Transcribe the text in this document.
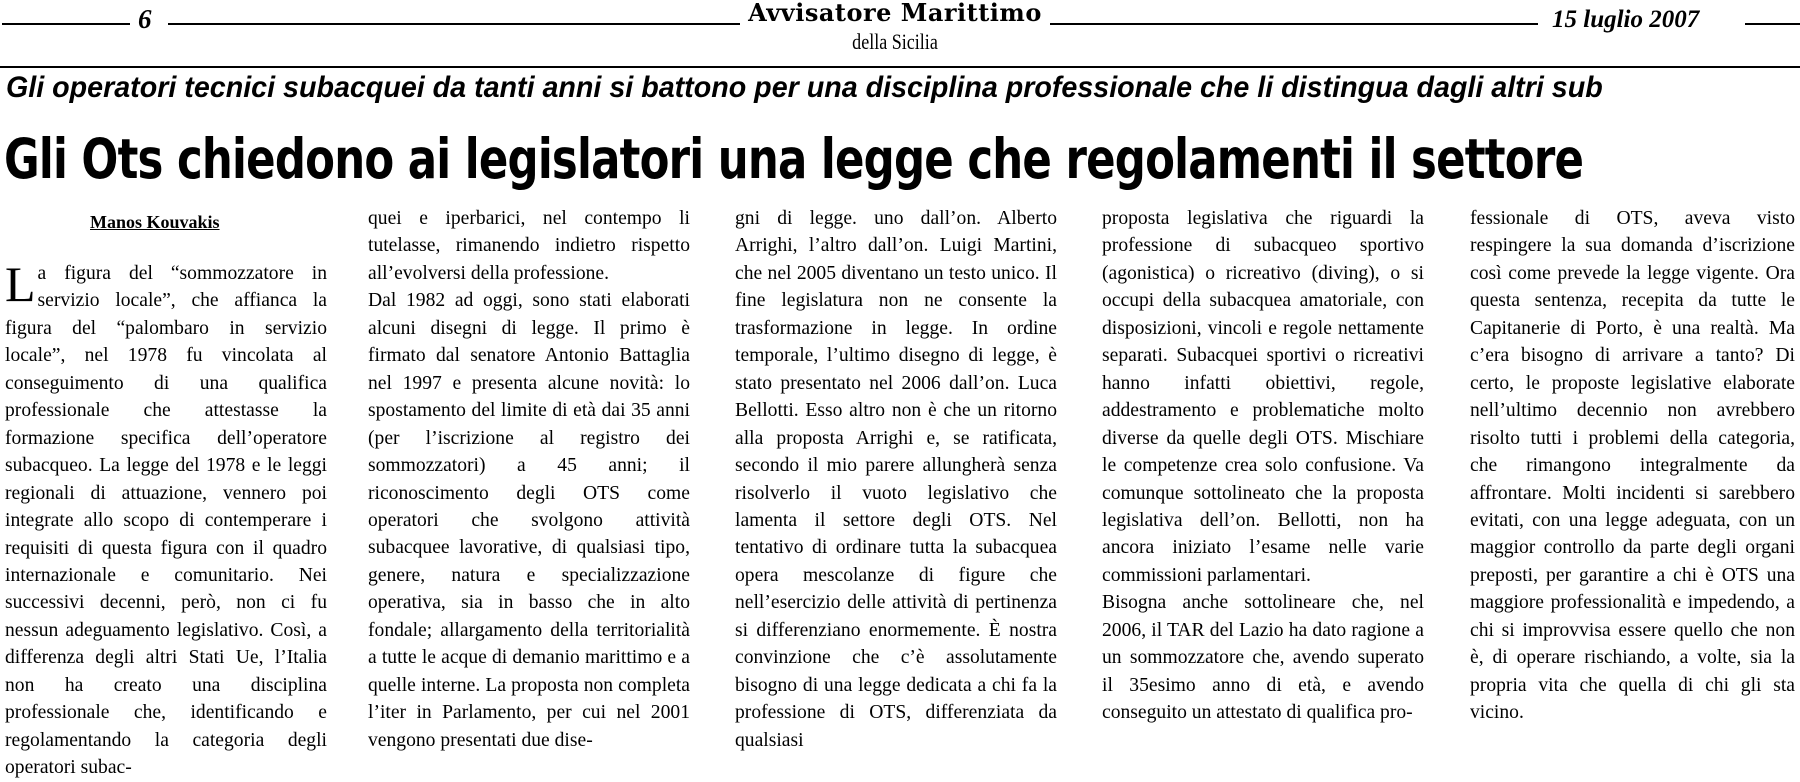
6	Avvisatore Marittimo
della Sicilia
15 luglio 2007
Gli operatori tecnici subacquei da tanti anni si battono per una disciplina professionale che li distingua dagli altri sub
Gli Ots chiedono ai legislatori una legge che regolamenti il settore
Manos Kouvakis

La figura del “sommozzatore in servizio locale”, che affianca la figura del “palombaro in servizio locale”, nel 1978 fu vincolata al conseguimento di una qualifica professionale che attestasse la formazione specifica dell’operatore subacqueo. La legge del 1978 e le leggi regionali di attuazione, vennero poi integrate allo scopo di contemperare i requisiti di questa figura con il quadro internazionale e comunitario. Nei successivi decenni, però, non ci fu nessun adeguamento legislativo. Così, a differenza degli altri Stati Ue, l’Italia non ha creato una disciplina professionale che, identificando e regolamentando la categoria degli operatori subac-

quei e iperbarici, nel contempo li tutelasse, rimanendo indietro rispetto all’evolversi della professione.

Dal 1982 ad oggi, sono stati elaborati alcuni disegni di legge. Il primo è firmato dal senatore Antonio Battaglia nel 1997 e presenta alcune novità: lo spostamento del limite di età dai 35 anni (per l’iscrizione al registro dei sommozzatori) a 45 anni; il riconoscimento degli OTS come operatori che svolgono attività subacquee lavorative, di qualsiasi tipo, genere, natura e specializzazione operativa, sia in basso che in alto fondale; allargamento della territorialità a tutte le acque di demanio marittimo e a quelle interne. La proposta non completa l’iter in Parlamento, per cui nel 2001 vengono presentati due dise-

gni di legge. uno dall’on. Alberto Arrighi, l’altro dall’on. Luigi Martini, che nel 2005 diventano un testo unico. Il fine legislatura non ne consente la trasformazione in legge. In ordine temporale, l’ultimo disegno di legge, è stato presentato nel 2006 dall’on. Luca Bellotti. Esso altro non è che un ritorno alla proposta Arrighi e, se ratificata, secondo il mio parere allungherà senza risolverlo il vuoto legislativo che lamenta il settore degli OTS. Nel tentativo di ordinare tutta la subacquea opera mescolanze di figure che nell’esercizio delle attività di pertinenza si differenziano enormemente. È nostra convinzione che c’è assolutamente bisogno di una legge dedicata a chi fa la professione di OTS, differenziata da qualsiasi

proposta legislativa che riguardi la professione di subacqueo sportivo (agonistica) o ricreativo (diving), o si occupi della subacquea amatoriale, con disposizioni, vincoli e regole nettamente separati. Subacquei sportivi o ricreativi hanno infatti obiettivi, regole, addestramento e problematiche molto diverse da quelle degli OTS. Mischiare le competenze crea solo confusione. Va comunque sottolineato che la proposta legislativa dell’on. Bellotti, non ha ancora iniziato l’esame nelle varie commissioni parlamentari.

Bisogna anche sottolineare che, nel 2006, il TAR del Lazio ha dato ragione a un sommozzatore che, avendo superato il 35esimo anno di età, e avendo conseguito un attestato di qualifica pro-

fessionale di OTS, aveva visto respingere la sua domanda d’iscrizione così come prevede la legge vigente. Ora questa sentenza, recepita da tutte le Capitanerie di Porto, è una realtà. Ma c’era bisogno di arrivare a tanto? Di certo, le proposte legislative elaborate nell’ultimo decennio non avrebbero risolto tutti i problemi della categoria, che rimangono integralmente da affrontare. Molti incidenti si sarebbero evitati, con una legge adeguata, con un maggior controllo da parte degli organi preposti, per garantire a chi è OTS una maggiore professionalità e impedendo, a chi si improvvisa essere quello che non è, di operare rischiando, a volte, sia la propria vita che quella di chi gli sta vicino.
